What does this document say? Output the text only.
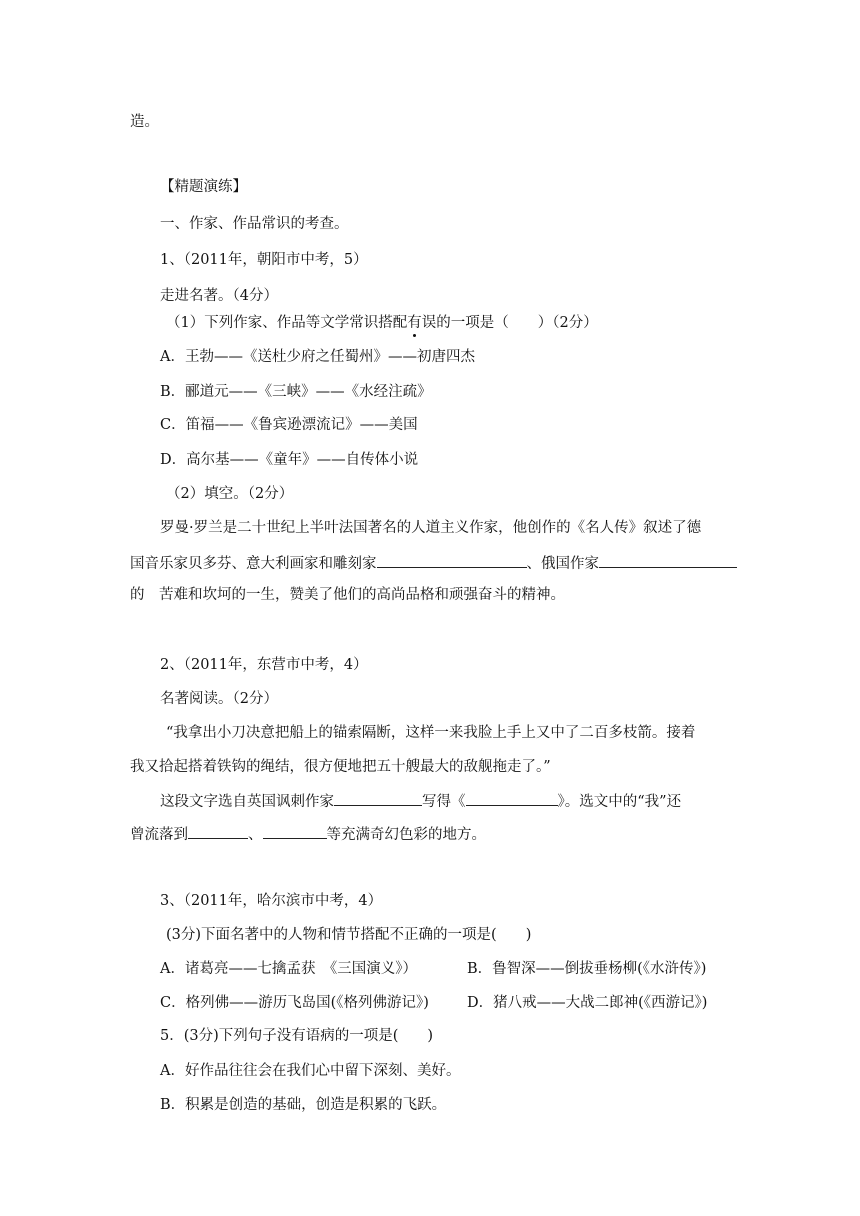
造。
【精题演练】
一、作家、作品常识的考查。
1、（2011年，朝阳市中考，5）
走进名著。（4分）
（1）下列作家、作品等文学常识搭配有误的一项是（　　）（2分）
A．王勃——《送杜少府之任蜀州》——初唐四杰
B．郦道元——《三峡》——《水经注疏》
C．笛福——《鲁宾逊漂流记》——美国
D．高尔基——《童年》——自传体小说
（2）填空。（2分）
罗曼·罗兰是二十世纪上半叶法国著名的人道主义作家，他创作的《名人传》叙述了德
国音乐家贝多芬、意大利画家和雕刻家	、俄国作家
的　苦难和坎坷的一生，赞美了他们的高尚品格和顽强奋斗的精神。
2、（2011年，东营市中考，4）
名著阅读。（2分）
“我拿出小刀决意把船上的锚索隔断，这样一来我脸上手上又中了二百多枝箭。接着
我又拾起搭着铁钩的绳结，很方便地把五十艘最大的敌舰拖走了。”
这段文字选自英国讽刺作家	写得《	》。选文中的“我”还
曾流落到	、	等充满奇幻色彩的地方。
3、（2011年，哈尔滨市中考，4）
(3分)下面名著中的人物和情节搭配不正确的一项是(　　)
A．诸葛亮——七擒孟获　《三国演义》）	B．鲁智深——倒拔垂杨柳(《水浒传》)
C．格列佛——游历飞岛国(《格列佛游记》)	D．猪八戒——大战二郎神(《西游记》)
5．(3分)下列句子没有语病的一项是(　　)
A．好作品往往会在我们心中留下深刻、美好。
B．积累是创造的基础，创造是积累的飞跃。
